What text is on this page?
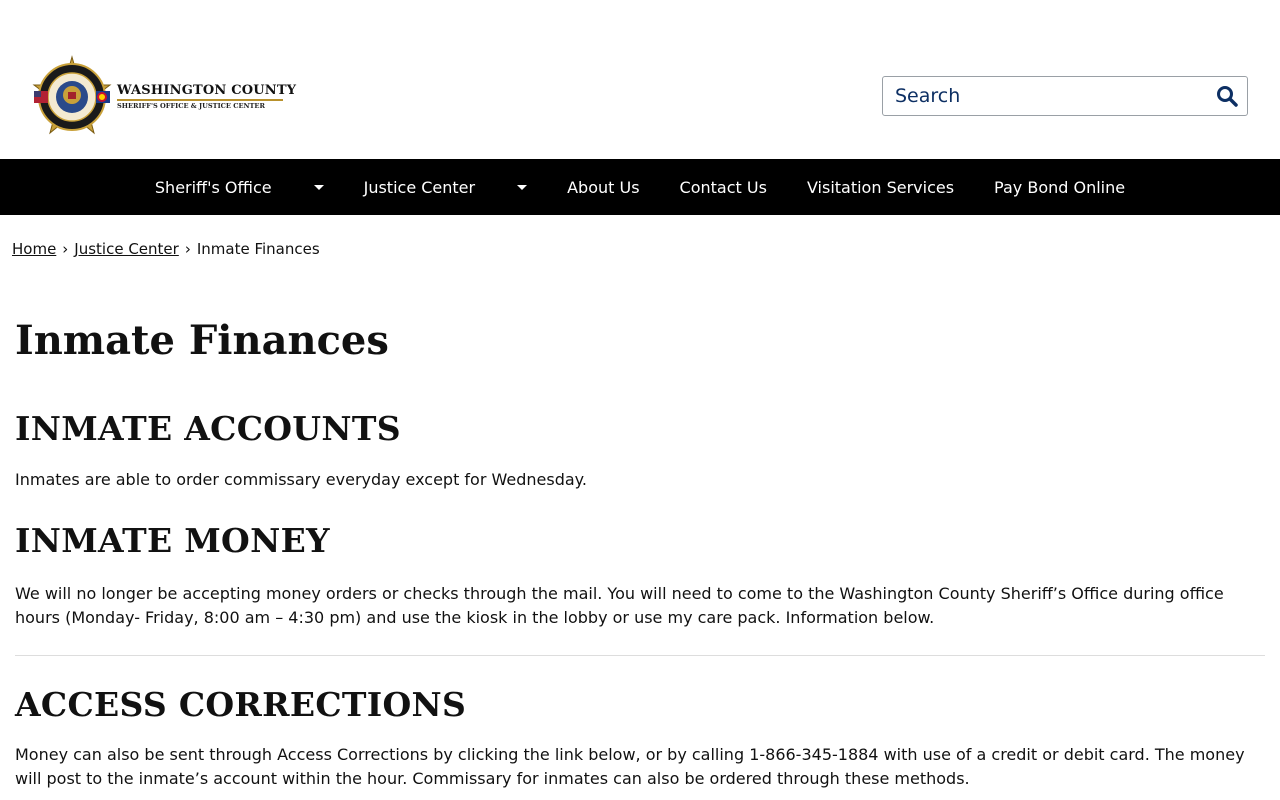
WASHINGTON COUNTY
SHERIFF'S OFFICE & JUSTICE CENTER
Search
Sheriff's Office	Justice Center	About Us	Contact Us	Visitation Services	Pay Bond Online
Home › Justice Center › Inmate Finances
Inmate Finances
INMATE ACCOUNTS

Inmates are able to order commissary everyday except for Wednesday.

INMATE MONEY

We will no longer be accepting money orders or checks through the mail. You will need to come to the Washington County Sheriff’s Office during office hours (Monday- Friday, 8:00 am – 4:30 pm) and use the kiosk in the lobby or use my care pack. Information below.

ACCESS CORRECTIONS

Money can also be sent through Access Corrections by clicking the link below, or by calling 1-866-345-1884 with use of a credit or debit card. The money will post to the inmate’s account within the hour. Commissary for inmates can also be ordered through these methods.
